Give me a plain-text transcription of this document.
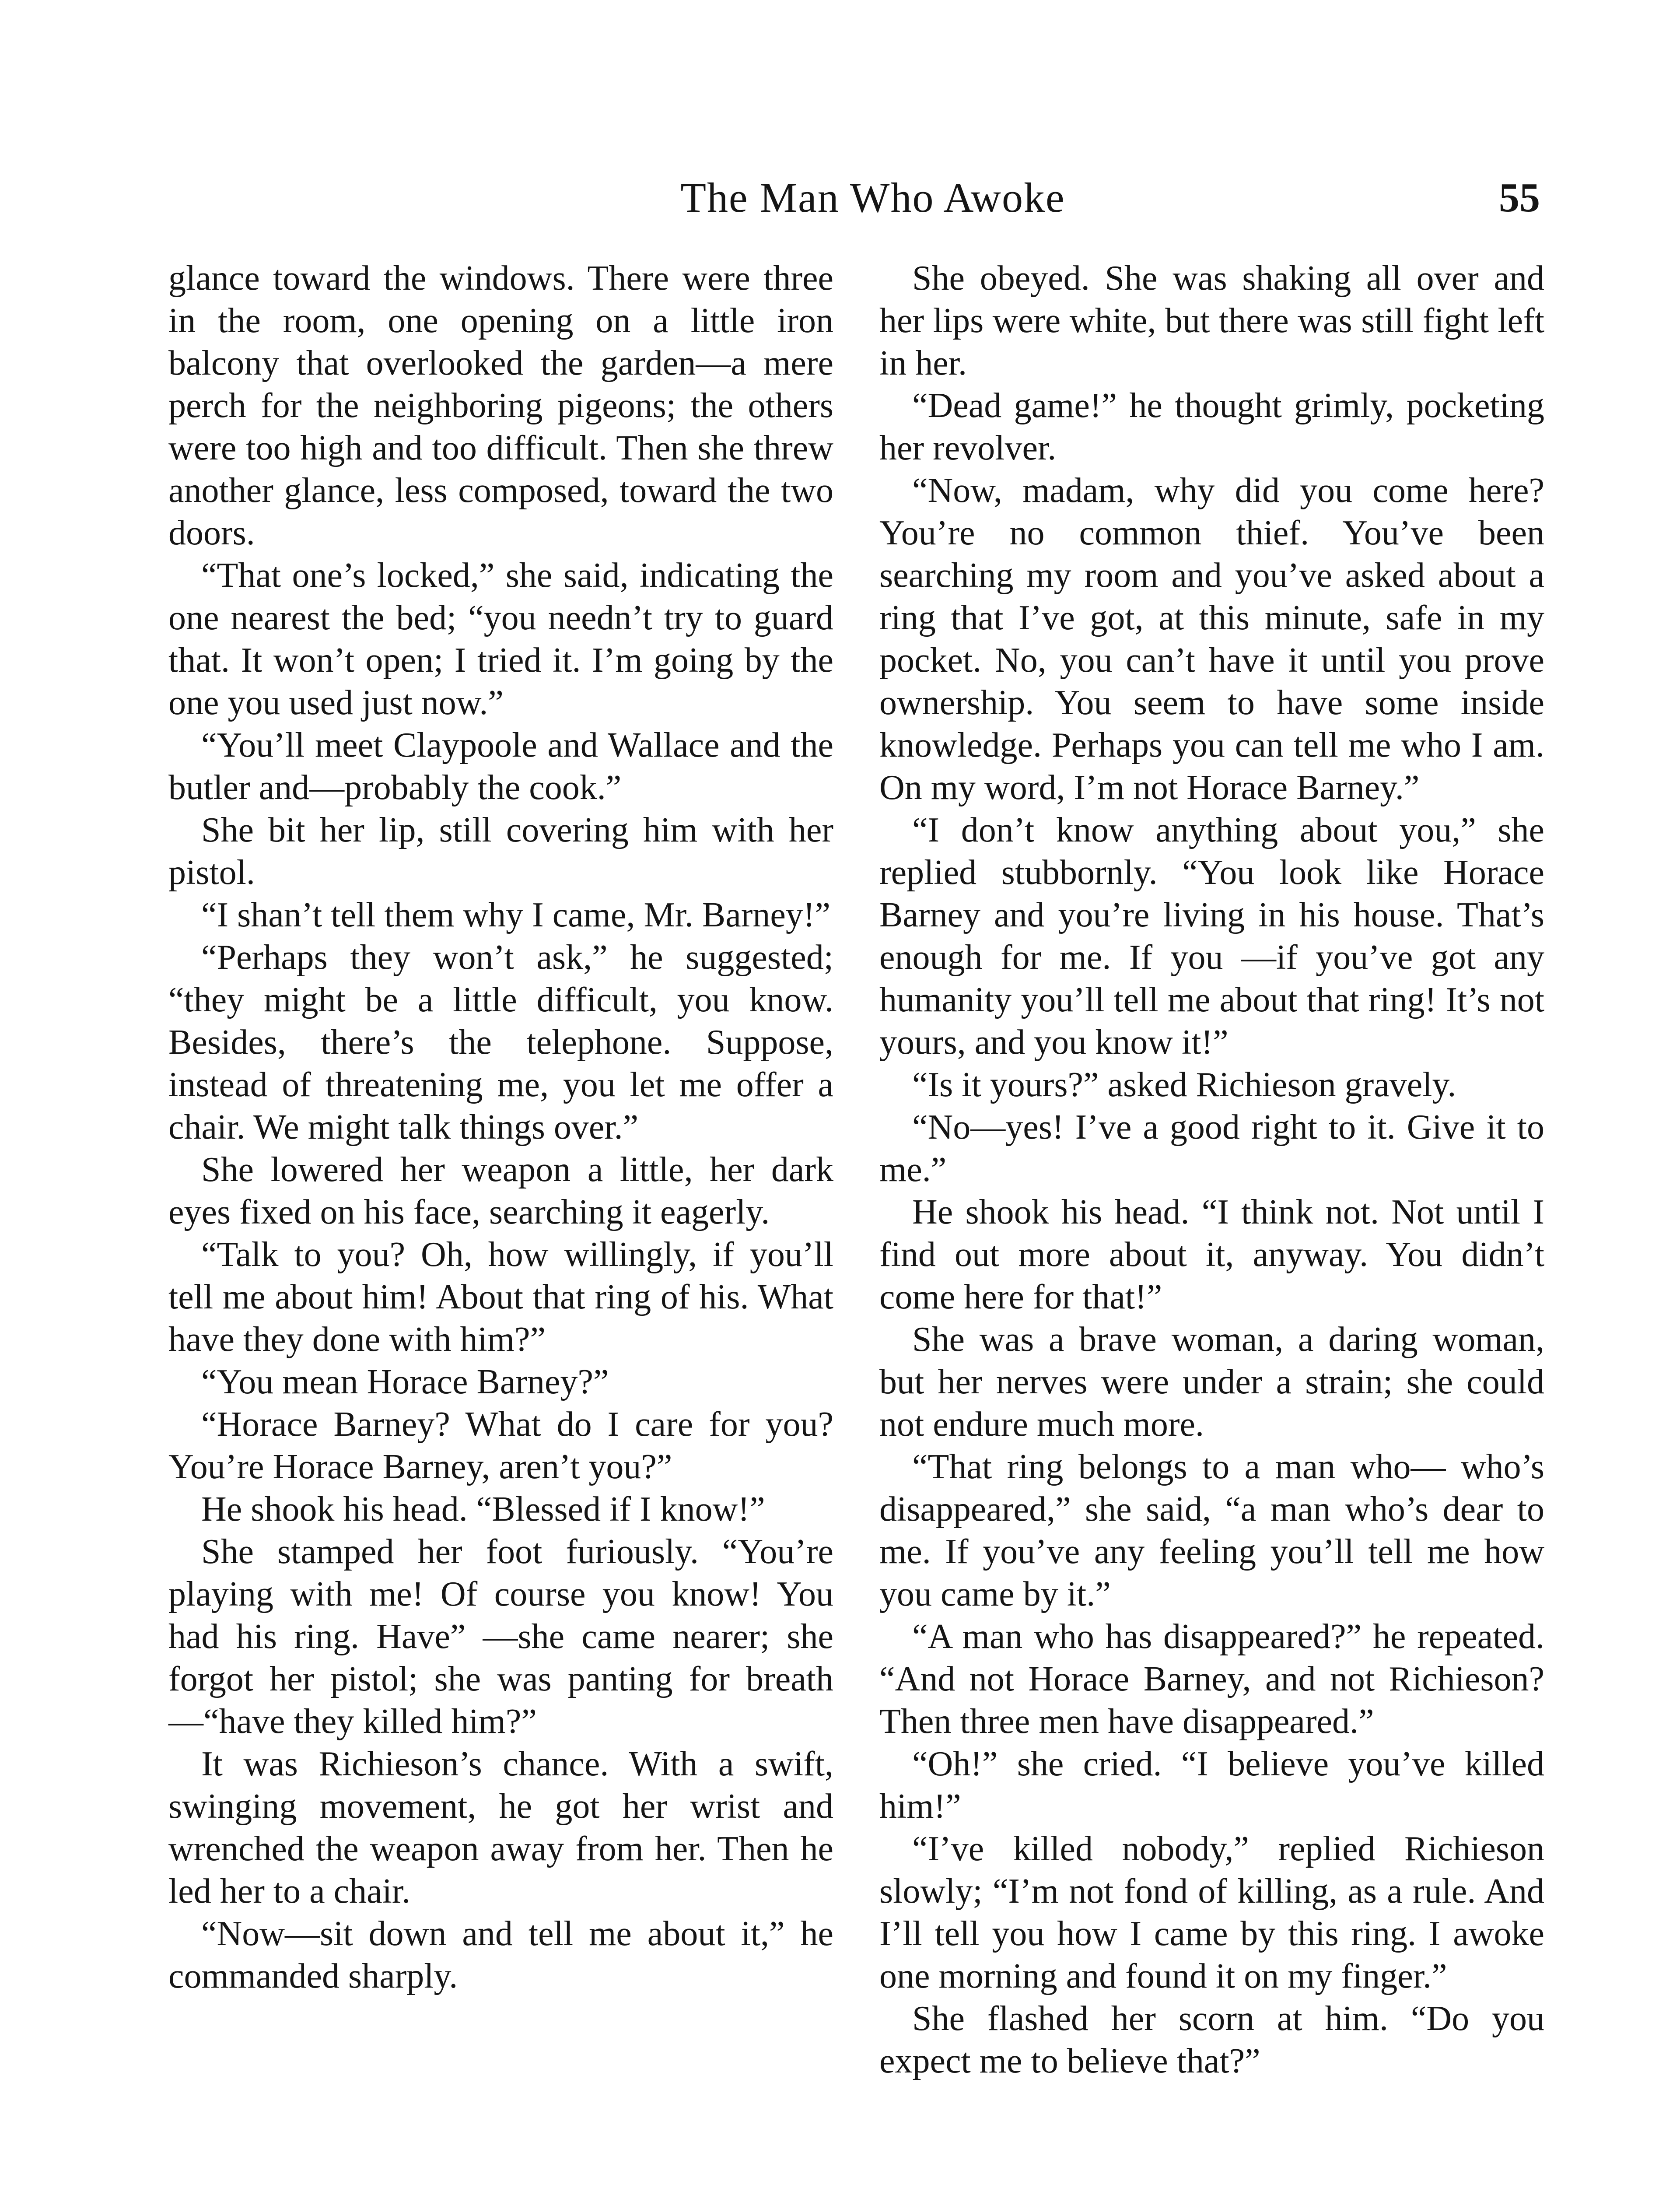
The Man Who Awoke	55

glance toward the windows. There were three in the room, one opening on a little iron balcony that overlooked the garden—a mere perch for the neighboring pigeons; the others were too high and too difficult. Then she threw another glance, less composed, toward the two doors.

“That one’s locked,” she said, indicating the one nearest the bed; “you needn’t try to guard that. It won’t open; I tried it. I’m going by the one you used just now.”

“You’ll meet Claypoole and Wallace and the butler and—probably the cook.”

She bit her lip, still covering him with her pistol.

“I shan’t tell them why I came, Mr. Barney!”

“Perhaps they won’t ask,” he suggested; “they might be a little difficult, you know. Besides, there’s the telephone. Suppose, instead of threatening me, you let me offer a chair. We might talk things over.”

She lowered her weapon a little, her dark eyes fixed on his face, searching it eagerly.

“Talk to you? Oh, how willingly, if you’ll tell me about him! About that ring of his. What have they done with him?”

“You mean Horace Barney?”

“Horace Barney? What do I care for you? You’re Horace Barney, aren’t you?”

He shook his head. “Blessed if I know!”

She stamped her foot furiously. “You’re playing with me! Of course you know! You had his ring. Have” —she came nearer; she forgot her pistol; she was panting for breath—“have they killed him?”

It was Richieson’s chance. With a swift, swinging movement, he got her wrist and wrenched the weapon away from her. Then he led her to a chair.

“Now—sit down and tell me about it,” he commanded sharply.

She obeyed. She was shaking all over and her lips were white, but there was still fight left in her.

“Dead game!” he thought grimly, pocketing her revolver.

“Now, madam, why did you come here? You’re no common thief. You’ve been searching my room and you’ve asked about a ring that I’ve got, at this minute, safe in my pocket. No, you can’t have it until you prove ownership. You seem to have some inside knowledge. Perhaps you can tell me who I am. On my word, I’m not Horace Barney.”

“I don’t know anything about you,” she replied stubbornly. “You look like Horace Barney and you’re living in his house. That’s enough for me. If you —if you’ve got any humanity you’ll tell me about that ring! It’s not yours, and you know it!”

“Is it yours?” asked Richieson gravely.

“No—yes! I’ve a good right to it. Give it to me.”

He shook his head. “I think not. Not until I find out more about it, anyway. You didn’t come here for that!”

She was a brave woman, a daring woman, but her nerves were under a strain; she could not endure much more.

“That ring belongs to a man who— who’s disappeared,” she said, “a man who’s dear to me. If you’ve any feeling you’ll tell me how you came by it.”

“A man who has disappeared?” he repeated. “And not Horace Barney, and not Richieson? Then three men have disappeared.”

“Oh!” she cried. “I believe you’ve killed him!”

“I’ve killed nobody,” replied Richieson slowly; “I’m not fond of killing, as a rule. And I’ll tell you how I came by this ring. I awoke one morning and found it on my finger.”

She flashed her scorn at him. “Do you expect me to believe that?”
